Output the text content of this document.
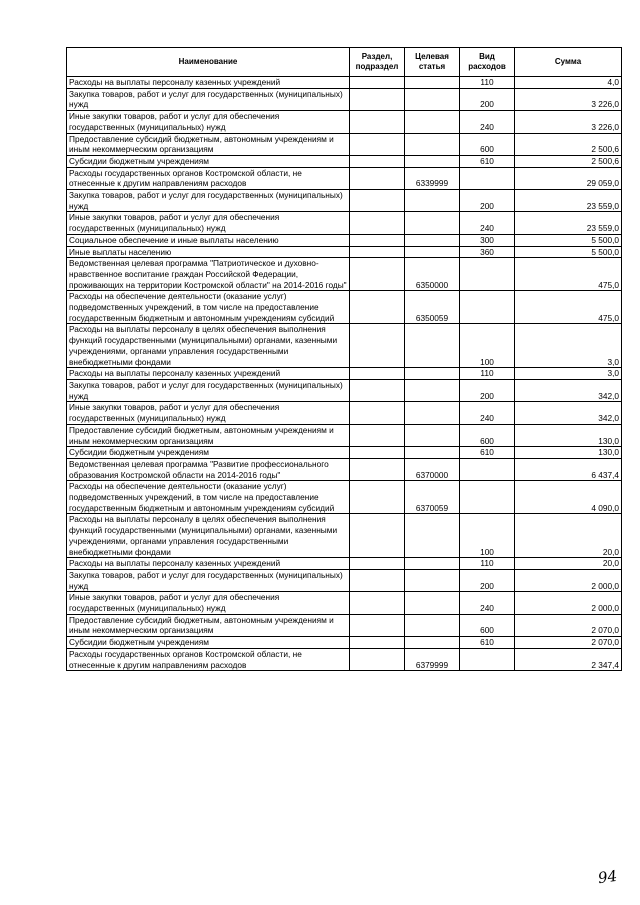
Наименование	Раздел, подраздел	Целевая статья	Вид расходов	Сумма
Расходы на выплаты персоналу казенных учреждений			110	4,0
Закупка товаров, работ и услуг для государственных (муниципальных) нужд			200	3 226,0
Иные закупки товаров, работ и услуг для обеспечения государственных (муниципальных) нужд			240	3 226,0
Предоставление субсидий бюджетным, автономным учреждениям и иным некоммерческим организациям			600	2 500,6
Субсидии бюджетным учреждениям			610	2 500,6
Расходы государственных органов Костромской области, не отнесенные к другим направлениям расходов		6339999		29 059,0
Закупка товаров, работ и услуг для государственных (муниципальных) нужд			200	23 559,0
Иные закупки товаров, работ и услуг для обеспечения государственных (муниципальных) нужд			240	23 559,0
Социальное обеспечение и иные выплаты населению			300	5 500,0
Иные выплаты населению			360	5 500,0
Ведомственная целевая программа "Патриотическое и духовно-нравственное воспитание граждан Российской Федерации, проживающих на территории Костромской области" на 2014-2016 годы"		6350000		475,0
Расходы на обеспечение деятельности (оказание услуг) подведомственных учреждений, в том числе на предоставление государственным бюджетным и автономным учреждениям субсидий		6350059		475,0
Расходы на выплаты персоналу в целях обеспечения выполнения функций государственными (муниципальными) органами, казенными учреждениями, органами управления государственными внебюджетными фондами			100	3,0
Расходы на выплаты персоналу казенных учреждений			110	3,0
Закупка товаров, работ и услуг для государственных (муниципальных) нужд			200	342,0
Иные закупки товаров, работ и услуг для обеспечения государственных (муниципальных) нужд			240	342,0
Предоставление субсидий бюджетным, автономным учреждениям и иным некоммерческим организациям			600	130,0
Субсидии бюджетным учреждениям			610	130,0
Ведомственная целевая программа "Развитие профессионального образования Костромской области на 2014-2016 годы"		6370000		6 437,4
Расходы на обеспечение деятельности (оказание услуг) подведомственных учреждений, в том числе на предоставление государственным бюджетным и автономным учреждениям субсидий		6370059		4 090,0
Расходы на выплаты персоналу в целях обеспечения выполнения функций государственными (муниципальными) органами, казенными учреждениями, органами управления государственными внебюджетными фондами			100	20,0
Расходы на выплаты персоналу казенных учреждений			110	20,0
Закупка товаров, работ и услуг для государственных (муниципальных) нужд			200	2 000,0
Иные закупки товаров, работ и услуг для обеспечения государственных (муниципальных) нужд			240	2 000,0
Предоставление субсидий бюджетным, автономным учреждениям и иным некоммерческим организациям			600	2 070,0
Субсидии бюджетным учреждениям			610	2 070,0
Расходы государственных органов Костромской области, не отнесенные к другим направлениям расходов		6379999		2 347,4
94
